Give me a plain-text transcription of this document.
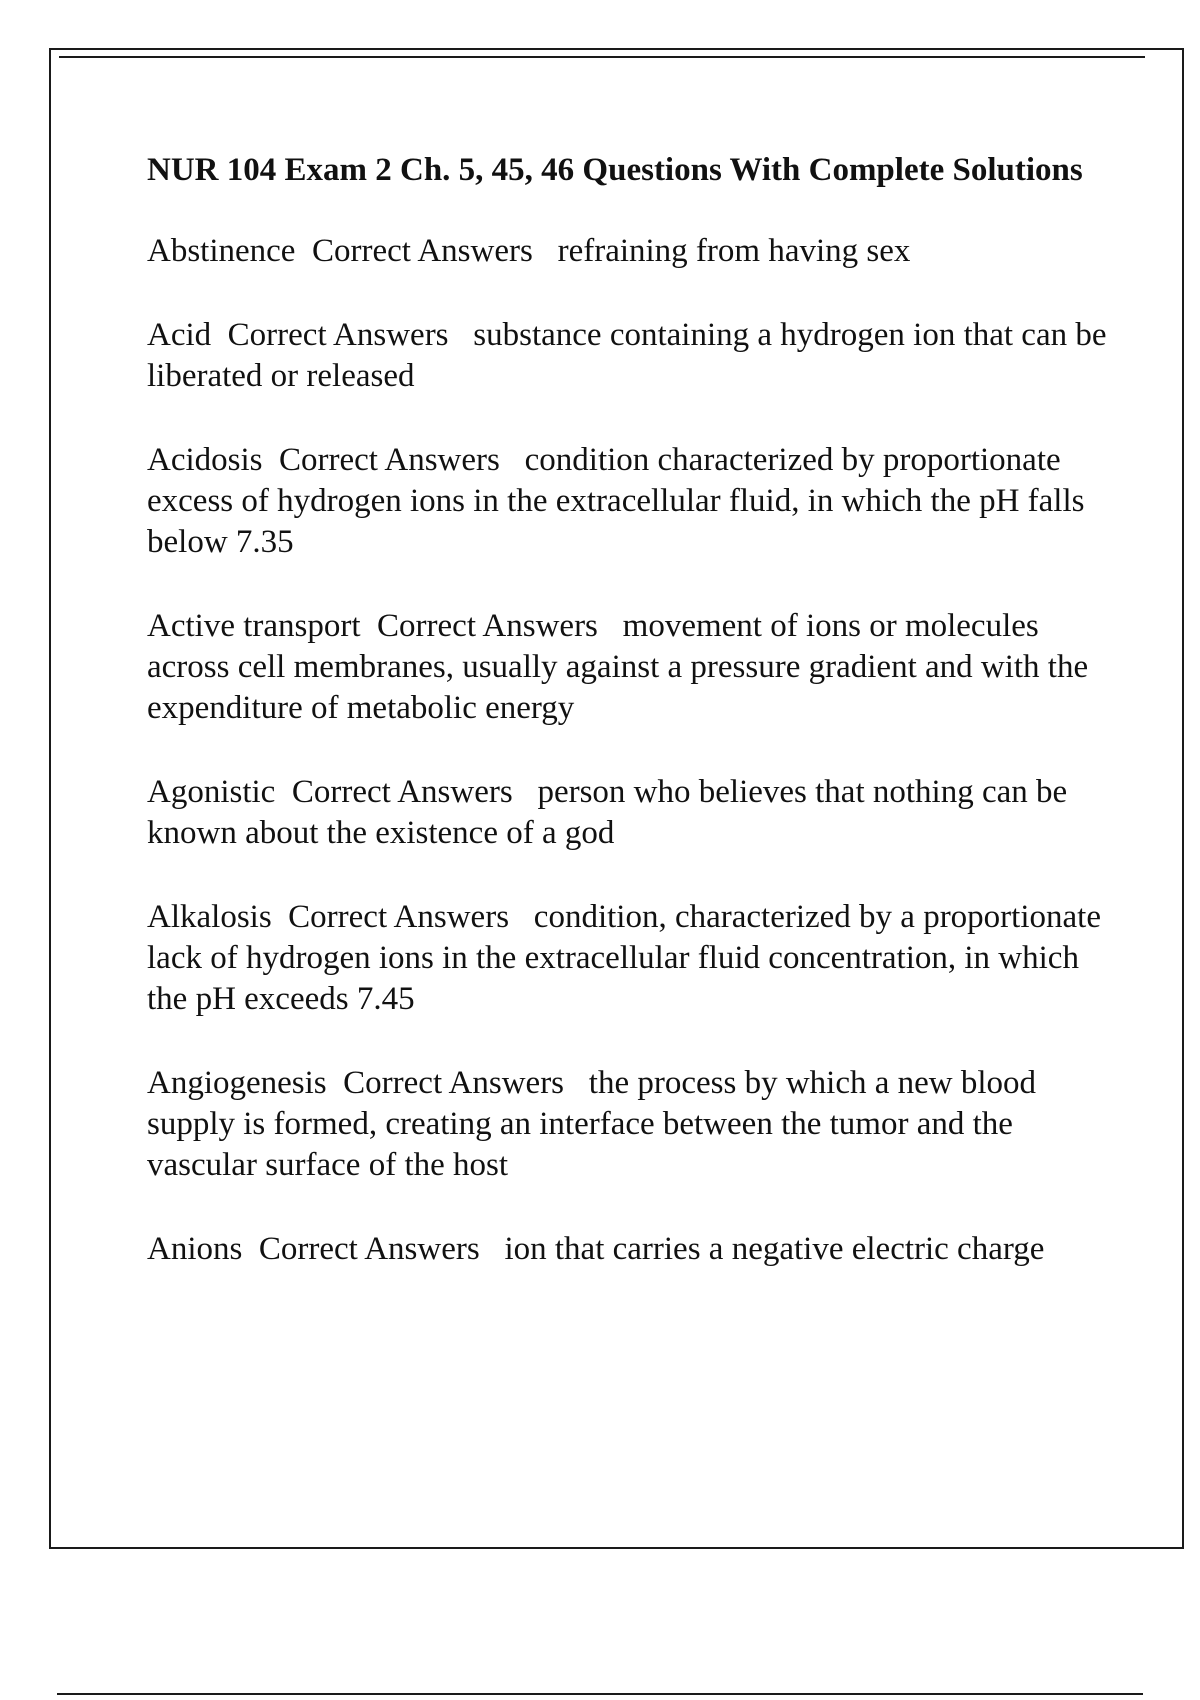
NUR 104 Exam 2 Ch. 5, 45, 46 Questions With Complete Solutions
Abstinence Correct Answers refraining from having sex
Acid Correct Answers substance containing a hydrogen ion that can be liberated or released
Acidosis Correct Answers condition characterized by proportionate excess of hydrogen ions in the extracellular fluid, in which the pH falls below 7.35
Active transport Correct Answers movement of ions or molecules across cell membranes, usually against a pressure gradient and with the expenditure of metabolic energy
Agonistic Correct Answers person who believes that nothing can be known about the existence of a god
Alkalosis Correct Answers condition, characterized by a proportionate lack of hydrogen ions in the extracellular fluid concentration, in which the pH exceeds 7.45
Angiogenesis Correct Answers the process by which a new blood supply is formed, creating an interface between the tumor and the vascular surface of the host
Anions Correct Answers ion that carries a negative electric charge
